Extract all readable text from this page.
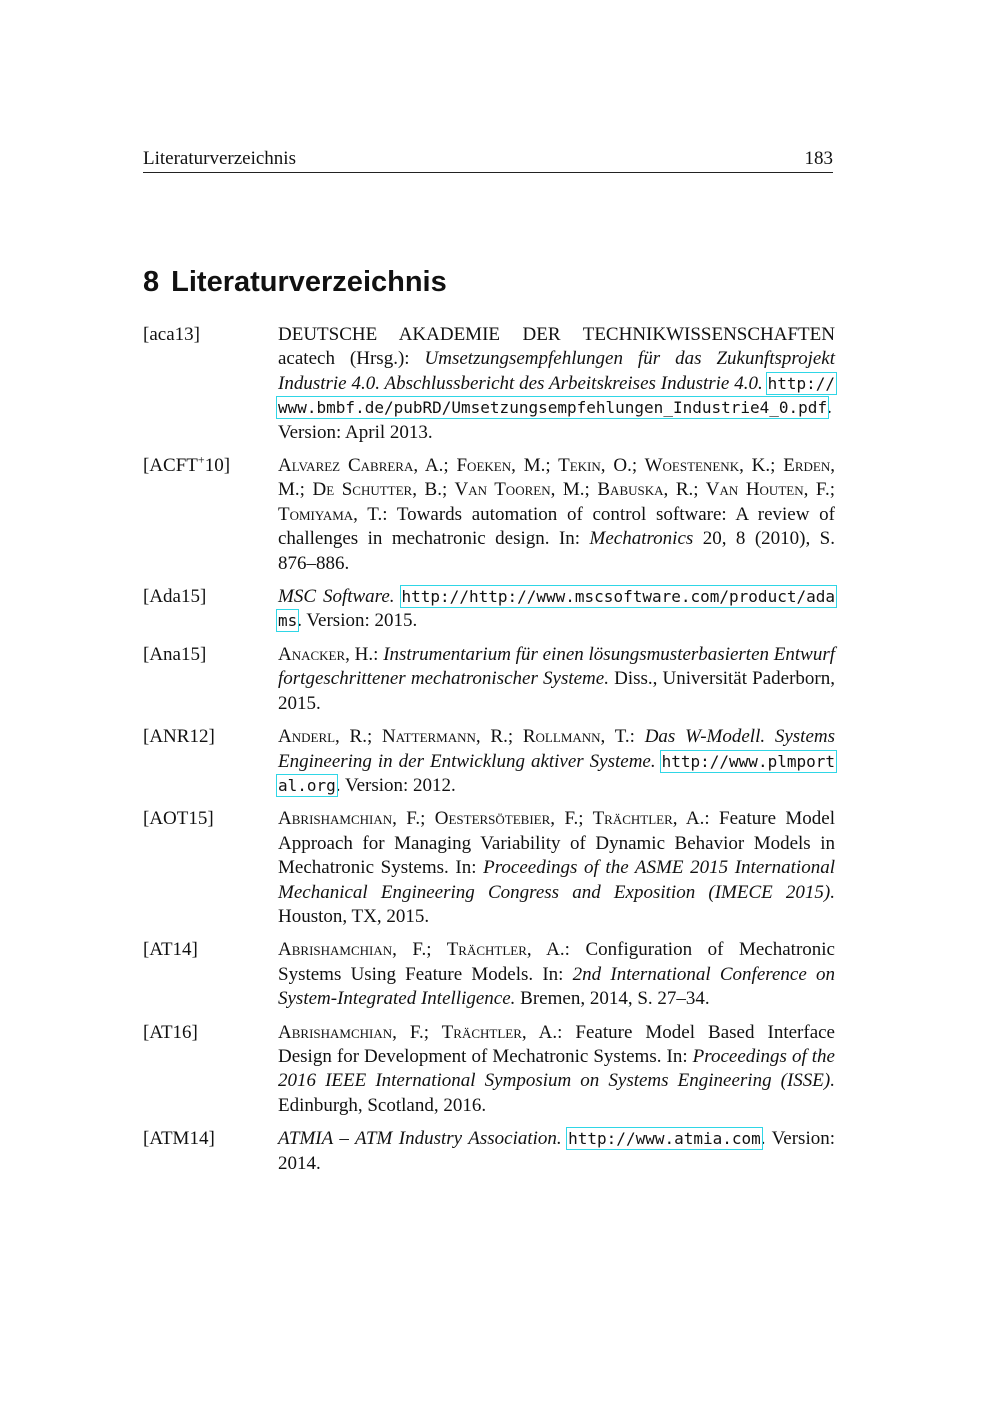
Literaturverzeichnis	183
8 Literaturverzeichnis
[aca13]	DEUTSCHE AKADEMIE DER TECHNIKWISSENSCHAFTEN acatech (Hrsg.): Umsetzungsempfehlungen für das Zukunftsprojekt Industrie 4.0. Abschlussbericht des Arbeitskreises Industrie 4.0. http://www.bmbf.de/pubRD/Umsetzungsempfehlungen_Industrie4_0.pdf. Version: April 2013.
[ACFT+10]	Alvarez Cabrera, A.; Foeken, M.; Tekin, O.; Woestenenk, K.; Erden, M.; De Schutter, B.; Van Tooren, M.; Babuska, R.; Van Houten, F.; Tomiyama, T.: Towards automation of control software: A review of challenges in mechatronic design. In: Mechatronics 20, 8 (2010), S. 876–886.
[Ada15]	MSC Software. http://http://www.mscsoftware.com/product/adams. Version: 2015.
[Ana15]	Anacker, H.: Instrumentarium für einen lösungsmusterbasierten Entwurf fortgeschrittener mechatronischer Systeme. Diss., Universität Paderborn, 2015.
[ANR12]	Anderl, R.; Nattermann, R.; Rollmann, T.: Das W-Modell. Systems Engineering in der Entwicklung aktiver Systeme. http://www.plmportal.org. Version: 2012.
[AOT15]	Abrishamchian, F.; Oestersötebier, F.; Trächtler, A.: Feature Model Approach for Managing Variability of Dynamic Behavior Models in Mechatronic Systems. In: Proceedings of the ASME 2015 International Mechanical Engineering Congress and Exposition (IMECE 2015). Houston, TX, 2015.
[AT14]	Abrishamchian, F.; Trächtler, A.: Configuration of Mechatronic Systems Using Feature Models. In: 2nd International Conference on System-Integrated Intelligence. Bremen, 2014, S. 27–34.
[AT16]	Abrishamchian, F.; Trächtler, A.: Feature Model Based Interface Design for Development of Mechatronic Systems. In: Proceedings of the 2016 IEEE International Symposium on Systems Engineering (ISSE). Edinburgh, Scotland, 2016.
[ATM14]	ATMIA – ATM Industry Association. http://www.atmia.com. Version: 2014.
